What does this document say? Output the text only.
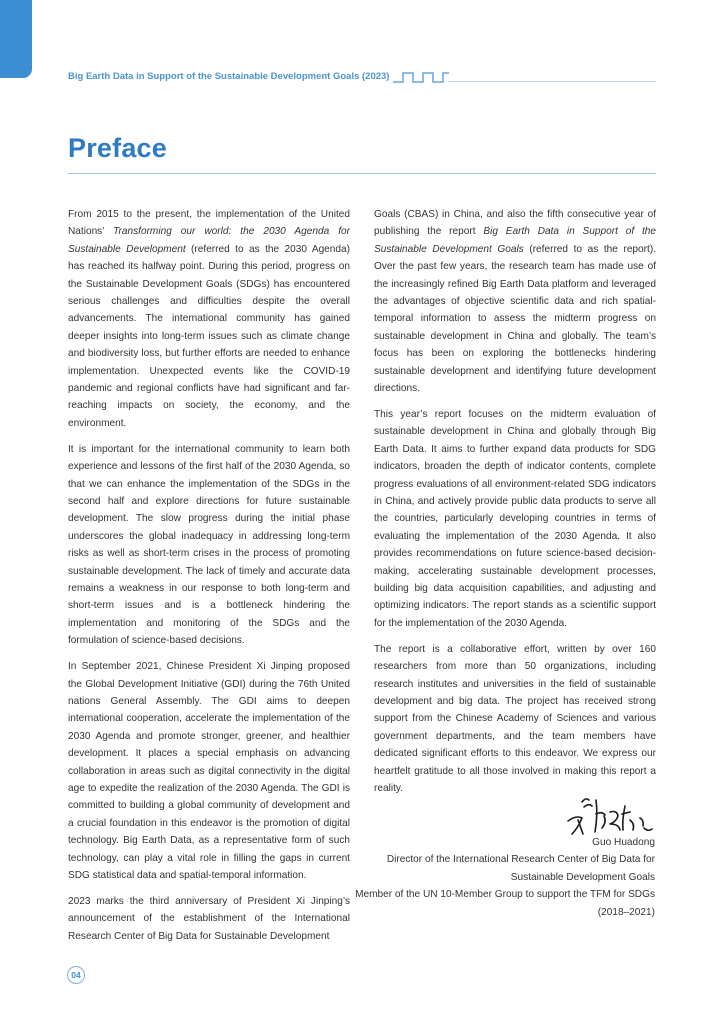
Big Earth Data in Support of the Sustainable Development Goals (2023)
Preface

From 2015 to the present, the implementation of the United Nations’ Transforming our world: the 2030 Agenda for Sustainable Development (referred to as the 2030 Agenda) has reached its halfway point. During this period, progress on the Sustainable Development Goals (SDGs) has encountered serious challenges and difficulties despite the overall advancements. The international community has gained deeper insights into long-term issues such as climate change and biodiversity loss, but further efforts are needed to enhance implementation. Unexpected events like the COVID-19 pandemic and regional conflicts have had significant and far-reaching impacts on society, the economy, and the environment.

It is important for the international community to learn both experience and lessons of the first half of the 2030 Agenda, so that we can enhance the implementation of the SDGs in the second half and explore directions for future sustainable development. The slow progress during the initial phase underscores the global inadequacy in addressing long-term risks as well as short-term crises in the process of promoting sustainable development. The lack of timely and accurate data remains a weakness in our response to both long-term and short-term issues and is a bottleneck hindering the implementation and monitoring of the SDGs and the formulation of science-based decisions.

In September 2021, Chinese President Xi Jinping proposed the Global Development Initiative (GDI) during the 76th United nations General Assembly. The GDI aims to deepen international cooperation, accelerate the implementation of the 2030 Agenda and promote stronger, greener, and healthier development. It places a special emphasis on advancing collaboration in areas such as digital connectivity in the digital age to expedite the realization of the 2030 Agenda. The GDI is committed to building a global community of development and a crucial foundation in this endeavor is the promotion of digital technology. Big Earth Data, as a representative form of such technology, can play a vital role in filling the gaps in current SDG statistical data and spatial-temporal information.

2023 marks the third anniversary of President Xi Jinping’s announcement of the establishment of the International Research Center of Big Data for Sustainable Development

Goals (CBAS) in China, and also the fifth consecutive year of publishing the report Big Earth Data in Support of the Sustainable Development Goals (referred to as the report). Over the past few years, the research team has made use of the increasingly refined Big Earth Data platform and leveraged the advantages of objective scientific data and rich spatial-temporal information to assess the midterm progress on sustainable development in China and globally. The team’s focus has been on exploring the bottlenecks hindering sustainable development and identifying future development directions.

This year’s report focuses on the midterm evaluation of sustainable development in China and globally through Big Earth Data. It aims to further expand data products for SDG indicators, broaden the depth of indicator contents, complete progress evaluations of all environment-related SDG indicators in China, and actively provide public data products to serve all the countries, particularly developing countries in terms of evaluating the implementation of the 2030 Agenda. It also provides recommendations on future science-based decision-making, accelerating sustainable development processes, building big data acquisition capabilities, and adjusting and optimizing indicators. The report stands as a scientific support for the implementation of the 2030 Agenda.

The report is a collaborative effort, written by over 160 researchers from more than 50 organizations, including research institutes and universities in the field of sustainable development and big data. The project has received strong support from the Chinese Academy of Sciences and various government departments, and the team members have dedicated significant efforts to this endeavor. We express our heartfelt gratitude to all those involved in making this report a reality.

Guo Huadong
Director of the International Research Center of Big Data for Sustainable Development Goals
Member of the UN 10-Member Group to support the TFM for SDGs (2018–2021)
04
